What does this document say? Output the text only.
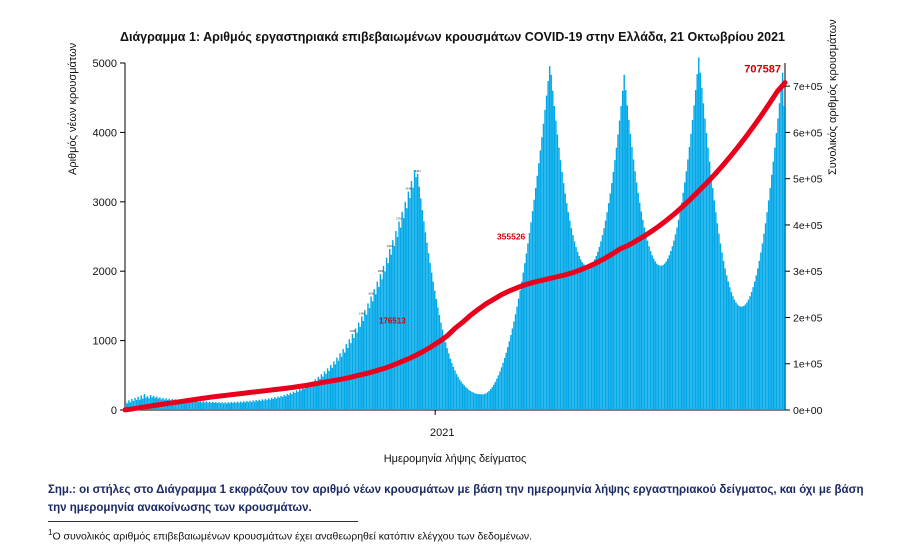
Διάγραμμα 1: Αριθμός εργαστηριακά επιβεβαιωμένων κρουσμάτων COVID-19 στην Ελλάδα, 21 Οκτωβρίου 2021
Αριθμός νέων κρουσμάτων	Συνολικός αριθμός κρουσμάτων
Ημερομηνία λήψης δείγματος
0
1000
2000
3000
4000
5000
0e+00
1e+05
2e+05
3e+05
4e+05
5e+05
6e+05
7e+05
1096
1348
1636
1960
2320
2716
3148
3404
707587
355526
176513
2021
Σημ.: οι στήλες στο Διάγραμμα 1 εκφράζουν τον αριθμό νέων κρουσμάτων με βάση την ημερομηνία λήψης εργαστηριακού δείγματος, και όχι με βάση την ημερομηνία ανακοίνωσης των κρουσμάτων.
$^1$Ο συνολικός αριθμός επιβεβαιωμένων κρουσμάτων έχει αναθεωρηθεί κατόπιν ελέγχου των δεδομένων.
